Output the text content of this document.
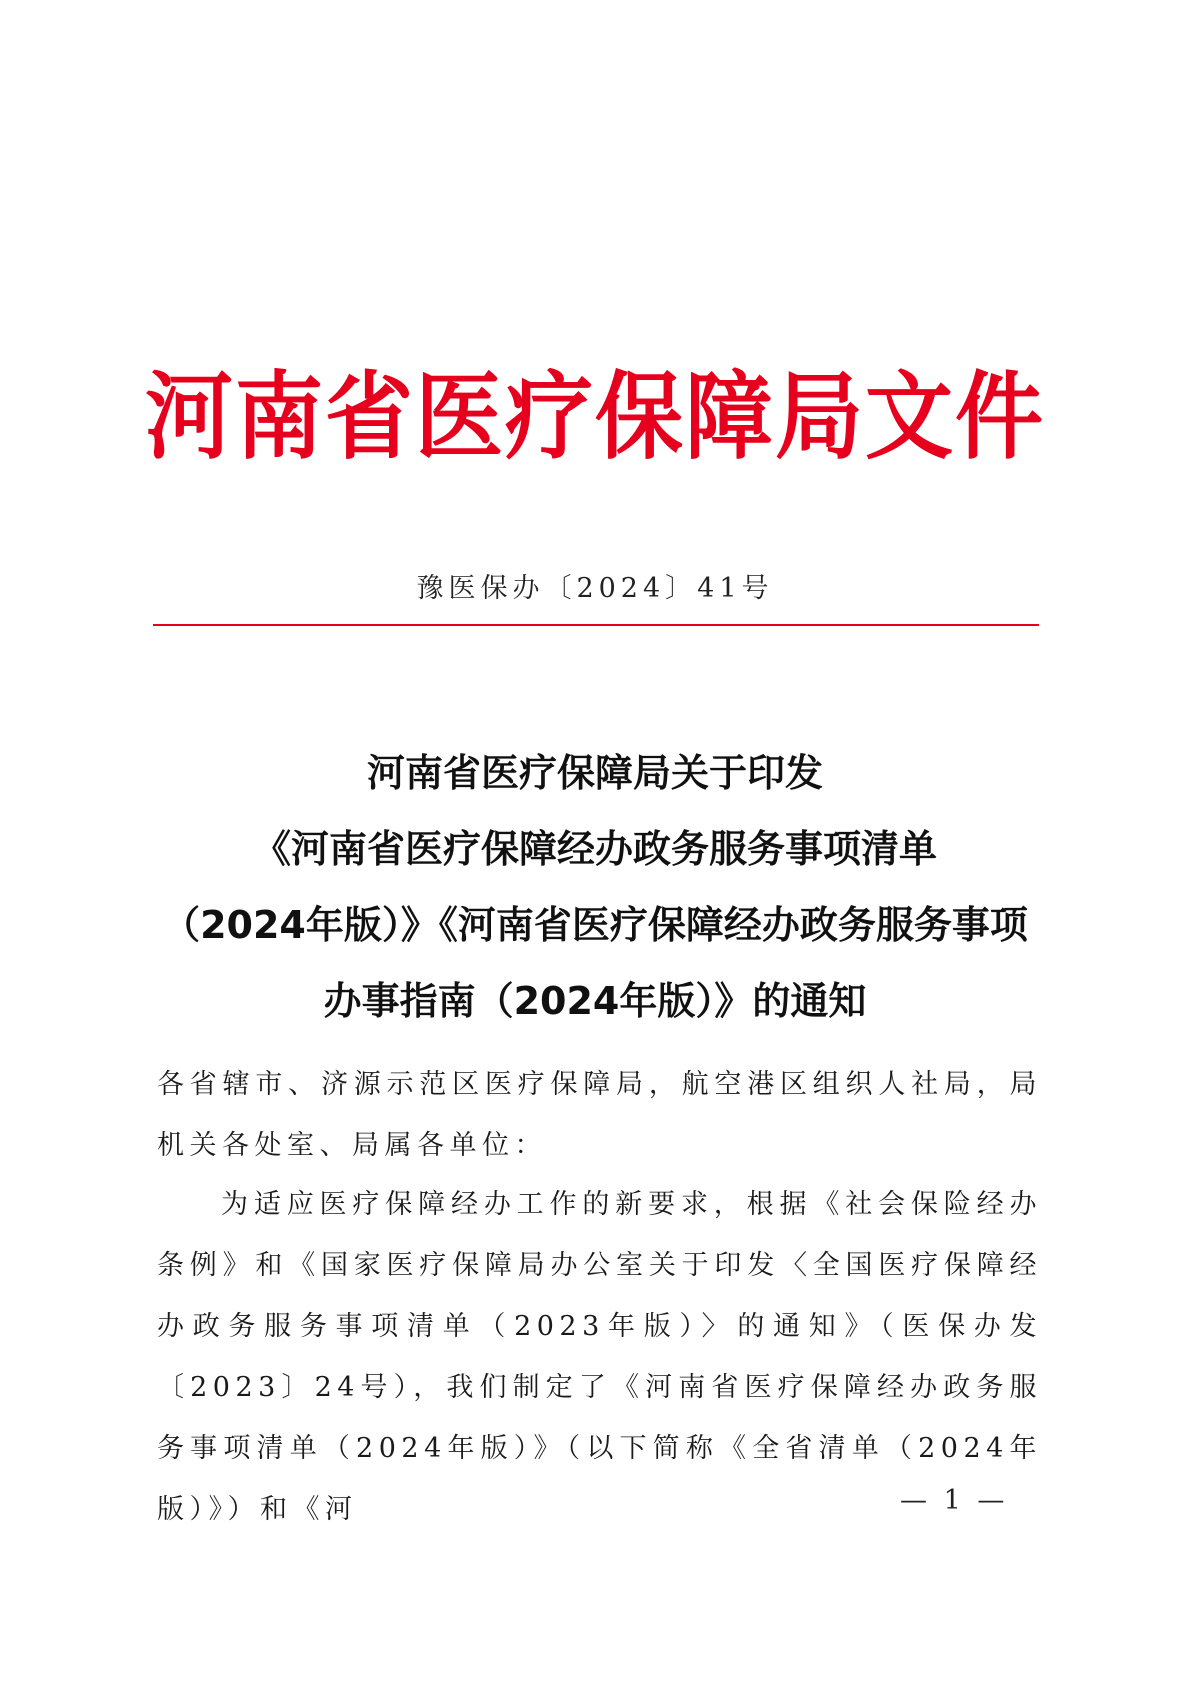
河南省医疗保障局文件
豫医保办〔2024〕41号
河南省医疗保障局关于印发
《河南省医疗保障经办政务服务事项清单
（2024年版）》《河南省医疗保障经办政务服务事项
办事指南（2024年版）》的通知
各省辖市、济源示范区医疗保障局，航空港区组织人社局，局机关各处室、局属各单位：
为适应医疗保障经办工作的新要求，根据《社会保险经办条例》和《国家医疗保障局办公室关于印发〈全国医疗保障经办政务服务事项清单（2023年版）〉的通知》（医保办发〔2023〕24号），我们制定了《河南省医疗保障经办政务服务事项清单（2024年版）》（以下简称《全省清单（2024年版）》）和《河	— 1 —
